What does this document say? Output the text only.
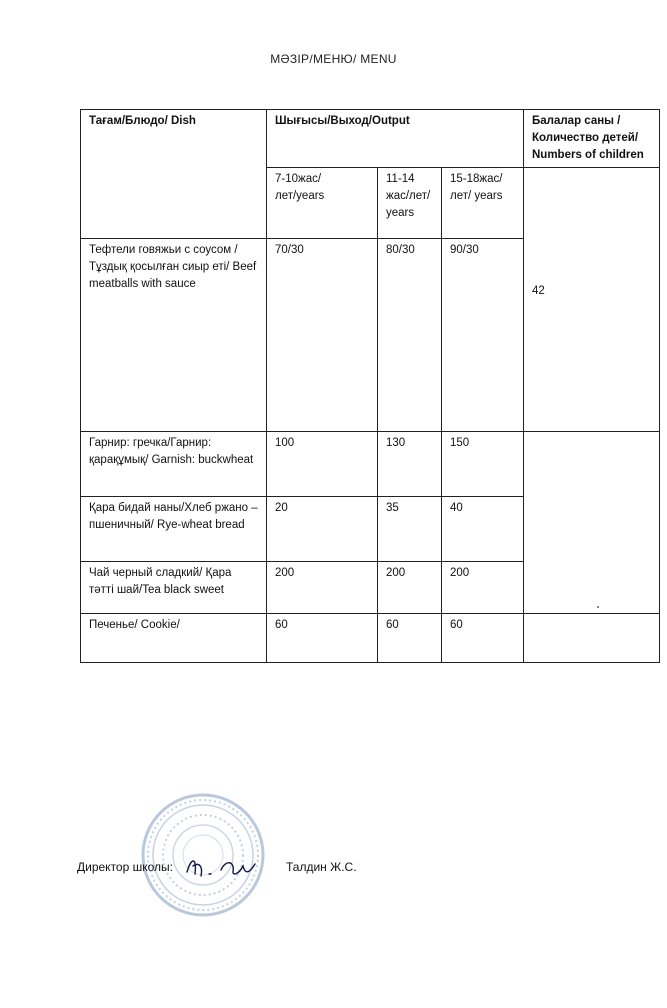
МӘЗІР/МЕНЮ/ MENU
Тағам/Блюдо/ Dish	Шығысы/Выход/Output			Балалар саны /Количество детей/ Numbers of children
	7-10жас/лет/years	11-14 жас/лет/ years	15-18жас/лет/ years	42
Тефтели говяжьи с соусом / Тұздық қосылған сиыр еті/ Beef meatballs with sauce	70/30	80/30	90/30	
Гарнир: гречка/Гарнир: қарақұмық/ Garnish: buckwheat	100	130	150	
Қара бидай наны/Хлеб ржано – пшеничный/ Rye-wheat bread	20	35	40	
Чай черный сладкий/ Қара тәтті шай/Tea black sweet	200	200	200	
Печенье/ Cookie/	60	60	60	
Директор школы:	Талдин Ж.С.
